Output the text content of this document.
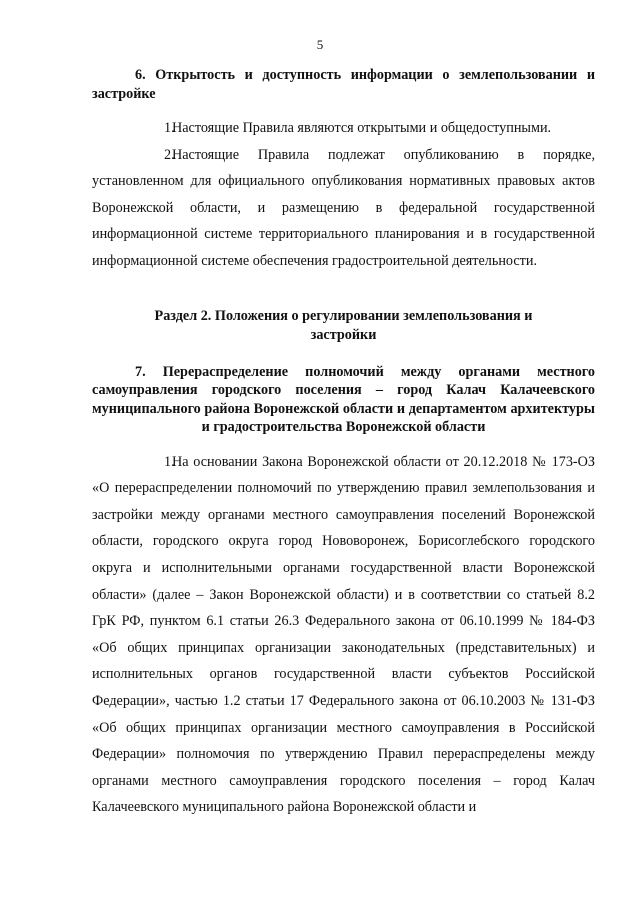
5

6. Открытость и доступность информации о землепользовании и застройке

1.Настоящие Правила являются открытыми и общедоступными.

2.Настоящие Правила подлежат опубликованию в порядке, установленном для официального опубликования нормативных правовых актов Воронежской области, и размещению в федеральной государственной информационной системе территориального планирования и в государственной информационной системе обеспечения градостроительной деятельности.

Раздел 2. Положения о регулировании землепользования и застройки

7. Перераспределение полномочий между органами местного самоуправления городского поселения – город Калач Калачеевского муниципального района Воронежской области и департаментом архитектуры и градостроительства Воронежской области

1.На основании Закона Воронежской области от 20.12.2018 № 173-ОЗ «О перераспределении полномочий по утверждению правил землепользования и застройки между органами местного самоуправления поселений Воронежской области, городского округа город Нововоронеж, Борисоглебского городского округа и исполнительными органами государственной власти Воронежской области» (далее – Закон Воронежской области) и в соответствии со статьей 8.2 ГрК РФ, пунктом 6.1 статьи 26.3 Федерального закона от 06.10.1999 № 184-ФЗ «Об общих принципах организации законодательных (представительных) и исполнительных органов государственной власти субъектов Российской Федерации», частью 1.2 статьи 17 Федерального закона от 06.10.2003 № 131-ФЗ «Об общих принципах организации местного самоуправления в Российской Федерации» полномочия по утверждению Правил перераспределены между органами местного самоуправления городского поселения – город Калач Калачеевского муниципального района Воронежской области и
